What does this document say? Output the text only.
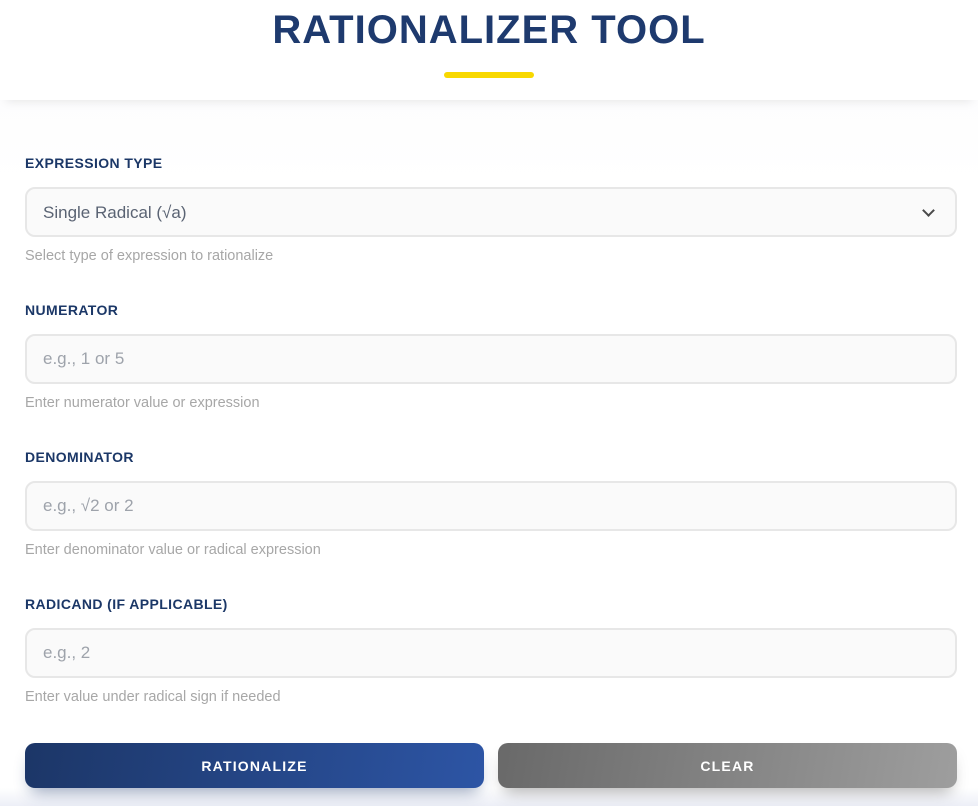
RATIONALIZER TOOL
EXPRESSION TYPE
Single Radical (√a)
Select type of expression to rationalize
NUMERATOR
e.g., 1 or 5
Enter numerator value or expression
DENOMINATOR
e.g., √2 or 2
Enter denominator value or radical expression
RADICAND (IF APPLICABLE)
e.g., 2
Enter value under radical sign if needed
RATIONALIZE	CLEAR
